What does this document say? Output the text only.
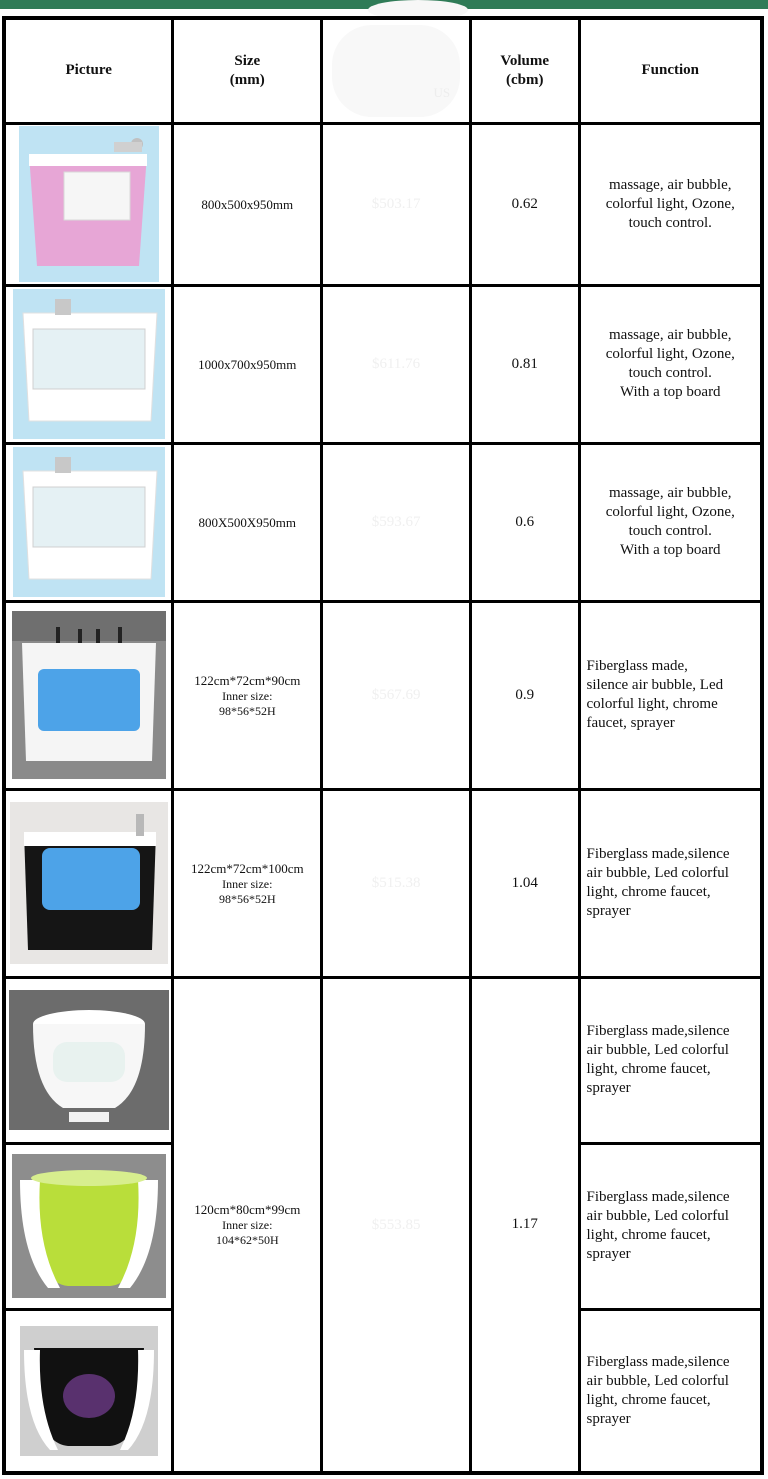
Picture	Size
(mm)	US	Volume
(cbm)	Function

	800x500x950mm	$503.17	0.62	massage, air bubble,
colorful light, Ozone,
touch control.

	1000x700x950mm	$611.76	0.81	massage, air bubble,
colorful light, Ozone,
touch control.
With a top board

	800X500X950mm	$593.67	0.6	massage, air bubble,
colorful light, Ozone,
touch control.
With a top board

	122cm*72cm*90cm
Inner size:
98*56*52H	$567.69	0.9	Fiberglass made,
silence air bubble, Led
colorful light, chrome
faucet, sprayer

	122cm*72cm*100cm
Inner size:
98*56*52H	$515.38	1.04	Fiberglass made,silence
air bubble, Led colorful
light, chrome faucet,
sprayer

	120cm*80cm*99cm
Inner size:
104*62*50H	$553.85	1.17	Fiberglass made,silence
air bubble, Led colorful
light, chrome faucet,
sprayer

	Fiberglass made,silence
air bubble, Led colorful
light, chrome faucet,
sprayer

	Fiberglass made,silence
air bubble, Led colorful
light, chrome faucet,
sprayer
